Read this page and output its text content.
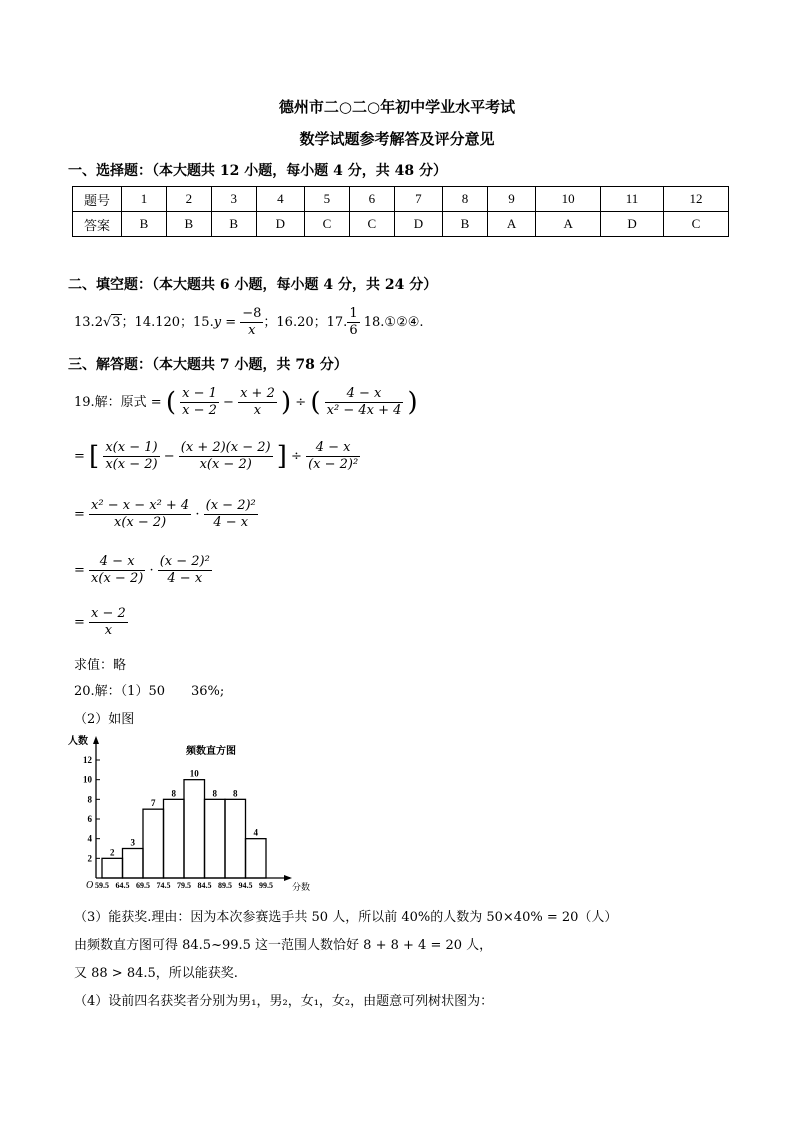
德州市二○二○年初中学业水平考试
数学试题参考解答及评分意见
一、选择题：（本大题共 12 小题，每小题 4 分，共 48 分）
题号	1	2	3	4	5	6	7	8	9	10	11	12
答案	B	B	B	D	C	C	D	B	A	A	D	C
二、填空题：（本大题共 6 小题，每小题 4 分，共 24 分）
13.2√3；14.120；$15.y = \frac{-8}{x}$ ；16.20；17. $\frac{1}{6}$ 18.①②④.
三、解答题：（本大题共 7 小题，共 78 分）
19.解：原式 = ( $\frac{x - 1}{x - 2} - \frac{x + 2}{x}$ ) ÷ ( $\frac{4 - x}{\text{x² − 4x + 4}}$ )
= [ $\frac{x(x - 1)}{x(x - 2)} - \frac{(x + 2)(x - 2)}{x(x - 2)}$ ] ÷ $\frac{4 - x}{\text{(x − 2)²}}$
= $\frac{\text{x² − x − x² + 4}}{x(x - 2)} \cdot \frac{\text{(x − 2)²}}{4 - x}$
= $\frac{4 - x}{x(x - 2)} \cdot \frac{\text{(x − 2)²}}{4 - x}$
= $\frac{x - 2}{x}$
求值：略
20.解：（1）50　　36%;
（2）如图
频数直方图
人数
分数
O
2
4
6
8
10
12
2
3
7
8
10
8 8
4
59.5 64.5 69.5 74.5 79.5 84.5 89.5 94.5 99.5
（3）能获奖.理由：因为本次参赛选手共 50 人，所以前 40%的人数为 50×40% = 20（人）
由频数直方图可得 84.5~99.5 这一范围人数恰好 8 + 8 + 4 = 20 人，
又 88 > 84.5，所以能获奖.
（4）设前四名获奖者分别为男₁，男₂，女₁，女₂，由题意可列树状图为：
